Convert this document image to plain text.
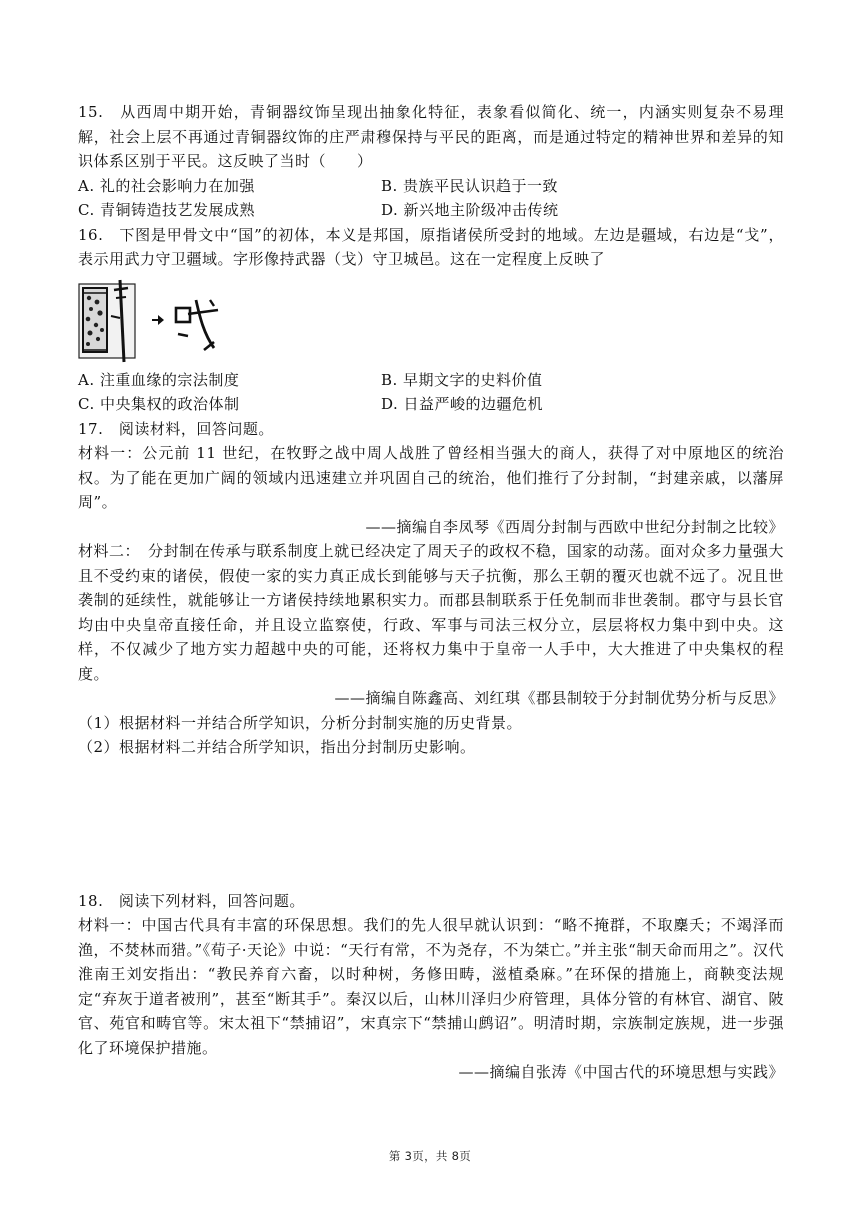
15.　从西周中期开始，青铜器纹饰呈现出抽象化特征，表象看似简化、统一，内涵实则复杂不易理解，社会上层不再通过青铜器纹饰的庄严肃穆保持与平民的距离，而是通过特定的精神世界和差异的知识体系区别于平民。这反映了当时（　　）

A. 礼的社会影响力在加强	B. 贵族平民认识趋于一致

C. 青铜铸造技艺发展成熟	D. 新兴地主阶级冲击传统

16.　下图是甲骨文中“国”的初体，本义是邦国，原指诸侯所受封的地域。左边是疆域，右边是“戈”，表示用武力守卫疆域。字形像持武器（戈）守卫城邑。这在一定程度上反映了

A. 注重血缘的宗法制度	B. 早期文字的史料价值

C. 中央集权的政治体制	D. 日益严峻的边疆危机

17.　阅读材料，回答问题。

材料一：公元前 11 世纪，在牧野之战中周人战胜了曾经相当强大的商人，获得了对中原地区的统治权。为了能在更加广阔的领域内迅速建立并巩固自己的统治，他们推行了分封制，“封建亲戚，以藩屏周”。

——摘编自李凤琴《西周分封制与西欧中世纪分封制之比较》

材料二：　分封制在传承与联系制度上就已经决定了周天子的政权不稳，国家的动荡。面对众多力量强大且不受约束的诸侯，假使一家的实力真正成长到能够与天子抗衡，那么王朝的覆灭也就不远了。况且世袭制的延续性，就能够让一方诸侯持续地累积实力。而郡县制联系于任免制而非世袭制。郡守与县长官均由中央皇帝直接任命，并且设立监察使，行政、军事与司法三权分立，层层将权力集中到中央。这样，不仅减少了地方实力超越中央的可能，还将权力集中于皇帝一人手中，大大推进了中央集权的程度。

——摘编自陈鑫高、刘红琪《郡县制较于分封制优势分析与反思》

（1）根据材料一并结合所学知识，分析分封制实施的历史背景。

（2）根据材料二并结合所学知识，指出分封制历史影响。

18.　阅读下列材料，回答问题。

材料一：中国古代具有丰富的环保思想。我们的先人很早就认识到：“略不掩群，不取麇夭；不竭泽而渔，不焚林而猎。”《荀子·天论》中说：“天行有常，不为尧存，不为桀亡。”并主张“制天命而用之”。汉代淮南王刘安指出：“教民养育六畜，以时种树，务修田畴，滋植桑麻。”在环保的措施上，商鞅变法规定“弃灰于道者被刑”，甚至“断其手”。秦汉以后，山林川泽归少府管理，具体分管的有林官、湖官、陂官、苑官和畴官等。宋太祖下“禁捕诏”，宋真宗下“禁捕山鹧诏”。明清时期，宗族制定族规，进一步强化了环境保护措施。

——摘编自张涛《中国古代的环境思想与实践》

第 3页，共 8页
